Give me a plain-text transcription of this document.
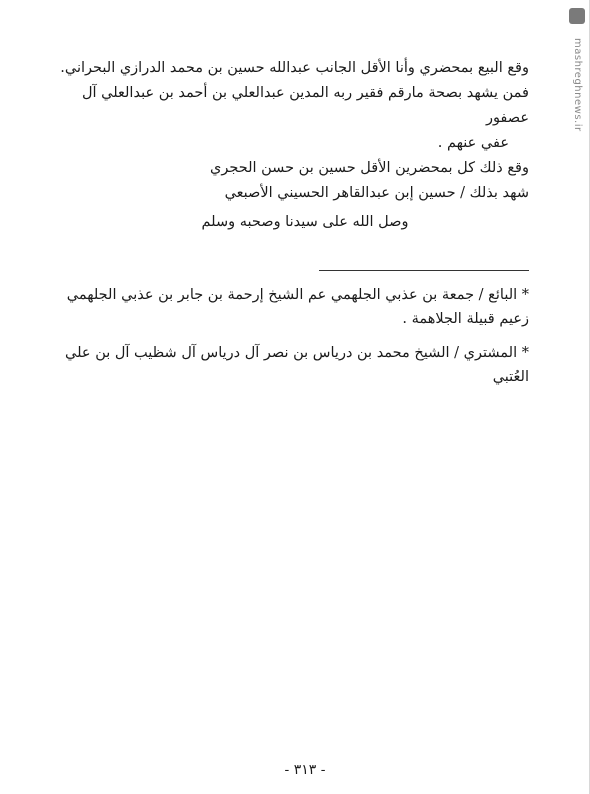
mashreghnews.ir

وقع البيع بمحضري وأنا الأقل الجانب عبدالله حسين بن محمد الدرازي البحراني.

فمن يشهد بصحة مارقم فقير ربه المدين عبدالعلي بن أحمد بن عبدالعلي آل عصفور

عفي عنهم .

وقع ذلك كل بمحضرين الأقل حسين بن حسن الحجري

شهد بذلك / حسين إبن عبدالقاهر الحسيني الأصبعي

وصل الله على سيدنا وصحبه وسلم

* البائع / جمعة بن عذبي الجلهمي عم الشيخ إرحمة بن جابر بن عذبي الجلهمي

زعيم قبيلة الجلاهمة .

* المشتري / الشيخ محمد بن درياس بن نصر آل درياس آل شظيب آل بن علي

العُتبي

- ٣١٣ -
